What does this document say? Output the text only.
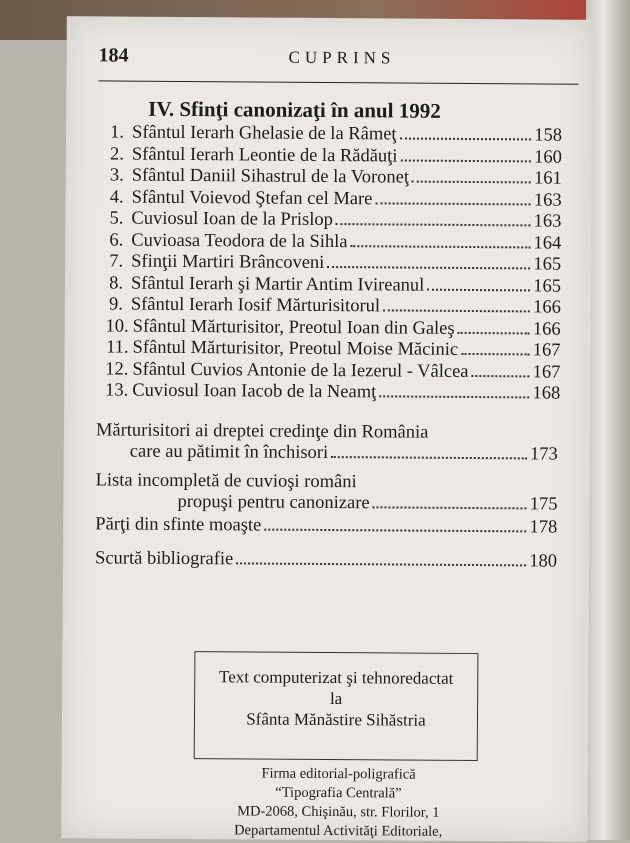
184	CUPRINS
IV. Sfinţi canonizaţi în anul 1992
1. Sfântul Ierarh Ghelasie de la Râmeţ	158
2. Sfântul Ierarh Leontie de la Rădăuţi	160
3. Sfântul Daniil Sihastrul de la Voroneţ	161
4. Sfântul Voievod Ştefan cel Mare	163
5. Cuviosul Ioan de la Prislop	163
6. Cuvioasa Teodora de la Sihla	164
7. Sfinţii Martiri Brâncoveni	165
8. Sfântul Ierarh şi Martir Antim Ivireanul	165
9. Sfântul Ierarh Iosif Mărturisitorul	166
10. Sfântul Mărturisitor, Preotul Ioan din Galeş	166
11. Sfântul Mărturisitor, Preotul Moise Măcinic	167
12. Sfântul Cuvios Antonie de la Iezerul - Vâlcea	167
13. Cuviosul Ioan Iacob de la Neamţ	168
Mărturisitori ai dreptei credinţe din România
care au pătimit în închisori	173
Lista incompletă de cuvioşi români
propuşi pentru canonizare	175
Părţi din sfinte moaşte	178
Scurtă bibliografie	180
Text computerizat şi tehnoredactat
la
Sfânta Mănăstire Sihăstria
Firma editorial-poligrafică
“Tipografia Centrală”
MD-2068, Chişinău, str. Florilor, 1
Departamentul Activităţi Editoriale,
